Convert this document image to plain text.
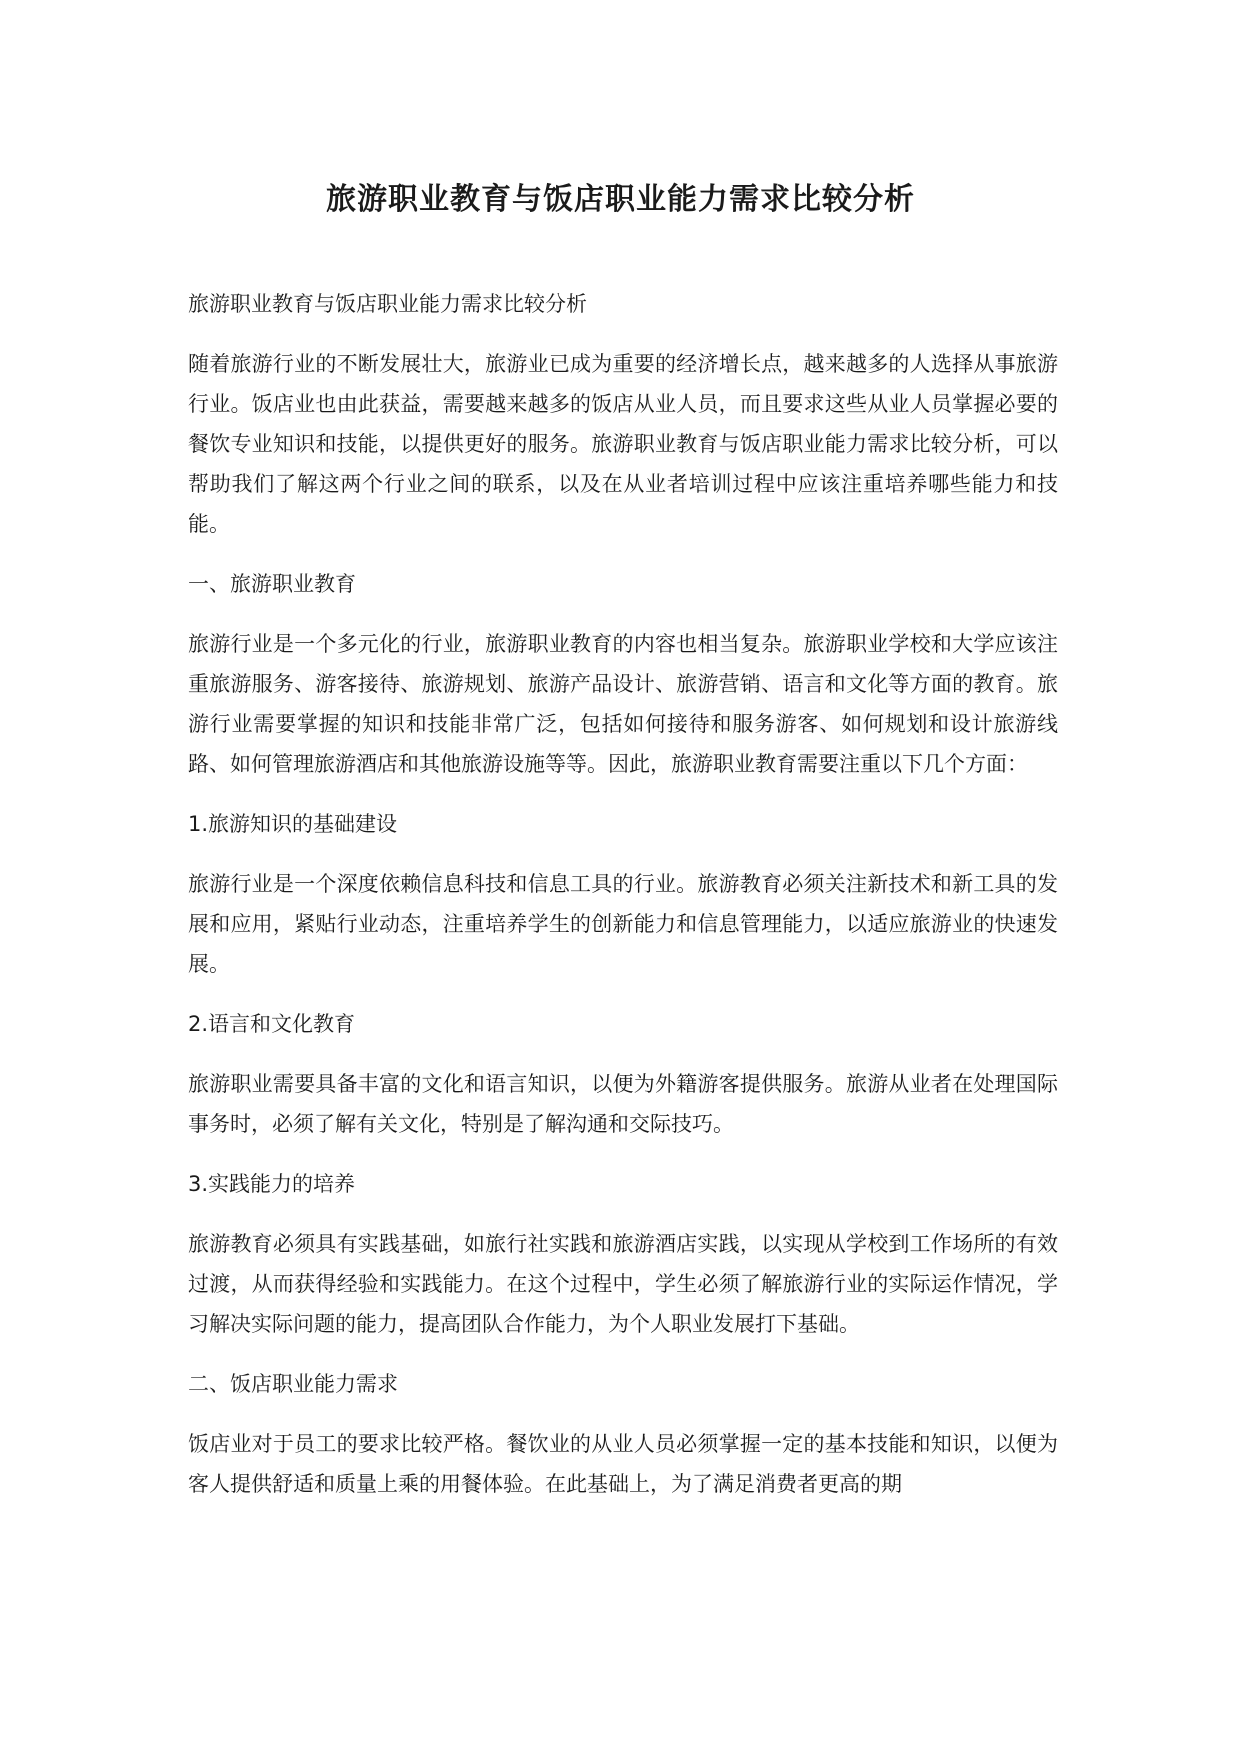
旅游职业教育与饭店职业能力需求比较分析

旅游职业教育与饭店职业能力需求比较分析

随着旅游行业的不断发展壮大，旅游业已成为重要的经济增长点，越来越多的人选择从事旅游行业。饭店业也由此获益，需要越来越多的饭店从业人员，而且要求这些从业人员掌握必要的餐饮专业知识和技能，以提供更好的服务。旅游职业教育与饭店职业能力需求比较分析，可以帮助我们了解这两个行业之间的联系，以及在从业者培训过程中应该注重培养哪些能力和技能。

一、旅游职业教育

旅游行业是一个多元化的行业，旅游职业教育的内容也相当复杂。旅游职业学校和大学应该注重旅游服务、游客接待、旅游规划、旅游产品设计、旅游营销、语言和文化等方面的教育。旅游行业需要掌握的知识和技能非常广泛，包括如何接待和服务游客、如何规划和设计旅游线路、如何管理旅游酒店和其他旅游设施等等。因此，旅游职业教育需要注重以下几个方面：

1.旅游知识的基础建设

旅游行业是一个深度依赖信息科技和信息工具的行业。旅游教育必须关注新技术和新工具的发展和应用，紧贴行业动态，注重培养学生的创新能力和信息管理能力，以适应旅游业的快速发展。

2.语言和文化教育

旅游职业需要具备丰富的文化和语言知识，以便为外籍游客提供服务。旅游从业者在处理国际事务时，必须了解有关文化，特别是了解沟通和交际技巧。

3.实践能力的培养

旅游教育必须具有实践基础，如旅行社实践和旅游酒店实践，以实现从学校到工作场所的有效过渡，从而获得经验和实践能力。在这个过程中，学生必须了解旅游行业的实际运作情况，学习解决实际问题的能力，提高团队合作能力，为个人职业发展打下基础。

二、饭店职业能力需求

饭店业对于员工的要求比较严格。餐饮业的从业人员必须掌握一定的基本技能和知识，以便为客人提供舒适和质量上乘的用餐体验。在此基础上，为了满足消费者更高的期
